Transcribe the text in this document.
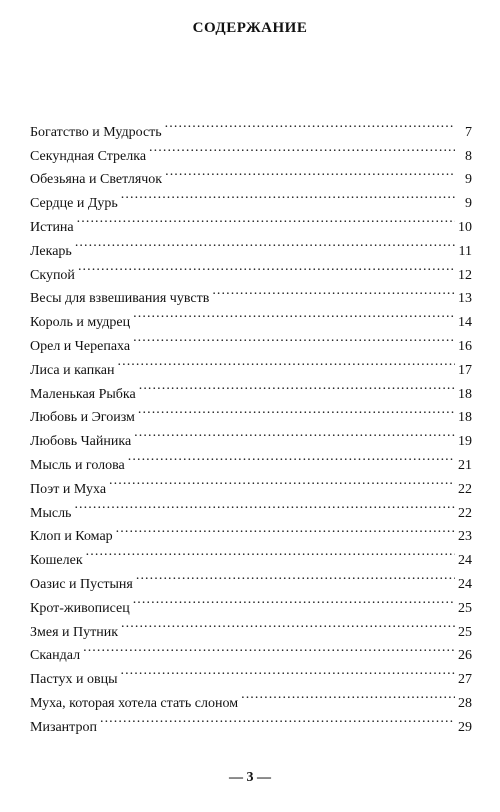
СОДЕРЖАНИЕ
Богатство и Мудрость . . .	7
Секундная Стрелка . . .	8
Обезьяна и Светлячок . . .	9
Сердце и Дурь . . .	9
Истина . . .	10
Лекарь . . .	11
Скупой . . .	12
Весы для взвешивания чувств . . .	13
Король и мудрец . . .	14
Орел и Черепаха . . .	16
Лиса и капкан . . .	17
Маленькая Рыбка . . .	18
Любовь и Эгоизм . . .	18
Любовь Чайника . . .	19
Мысль и голова . . .	21
Поэт и Муха . . .	22
Мысль . . .	22
Клоп и Комар . . .	23
Кошелек . . .	24
Оазис и Пустыня . . .	24
Крот-живописец . . .	25
Змея и Путник . . .	25
Скандал . . .	26
Пастух и овцы . . .	27
Муха, которая хотела стать слоном . . .	28
Мизантроп . . .	29
— 3 —
